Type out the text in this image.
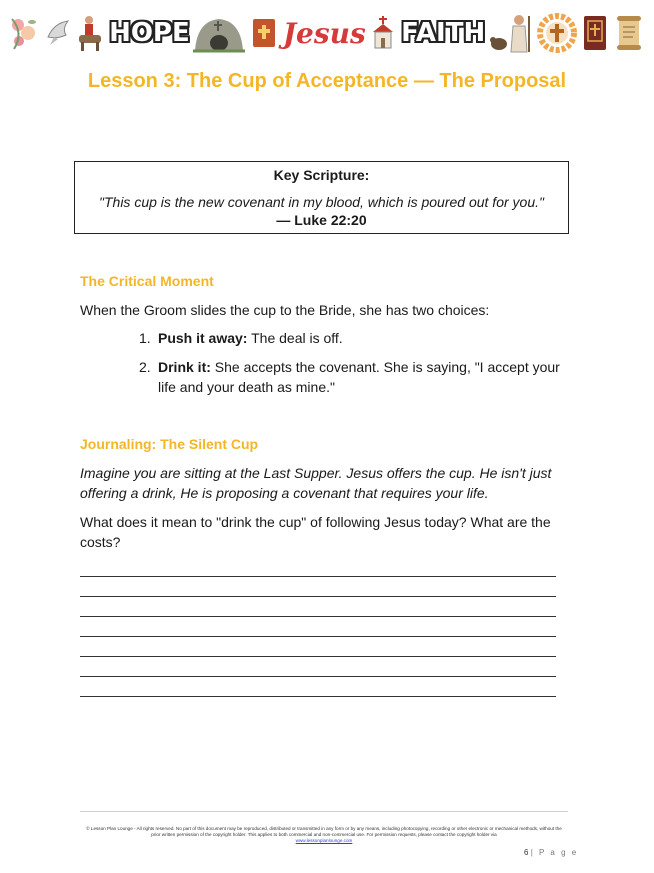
HOPE	Jesus FAITH
Lesson 3: The Cup of Acceptance — The Proposal
Key Scripture:
"This cup is the new covenant in my blood, which is poured out for you."
— Luke 22:20
The Critical Moment
When the Groom slides the cup to the Bride, she has two choices:
1. Push it away: The deal is off.
2. Drink it: She accepts the covenant. She is saying, "I accept your life and your death as mine."
Journaling: The Silent Cup
Imagine you are sitting at the Last Supper. Jesus offers the cup. He isn't just offering a drink, He is proposing a covenant that requires your life.
What does it mean to "drink the cup" of following Jesus today? What are the costs?
© Lesson Plan Lounge - All rights reserved. No part of this document may be reproduced, distributed or transmitted in any form or by any means, including photocopying, recording or other electronic or mechanical methods, without the prior written permission of the copyright holder. This applies to both commercial and non-commercial use. For permission requests, please contact the copyright holder via
www.lessonplanlounge.com
6 | P a g e
